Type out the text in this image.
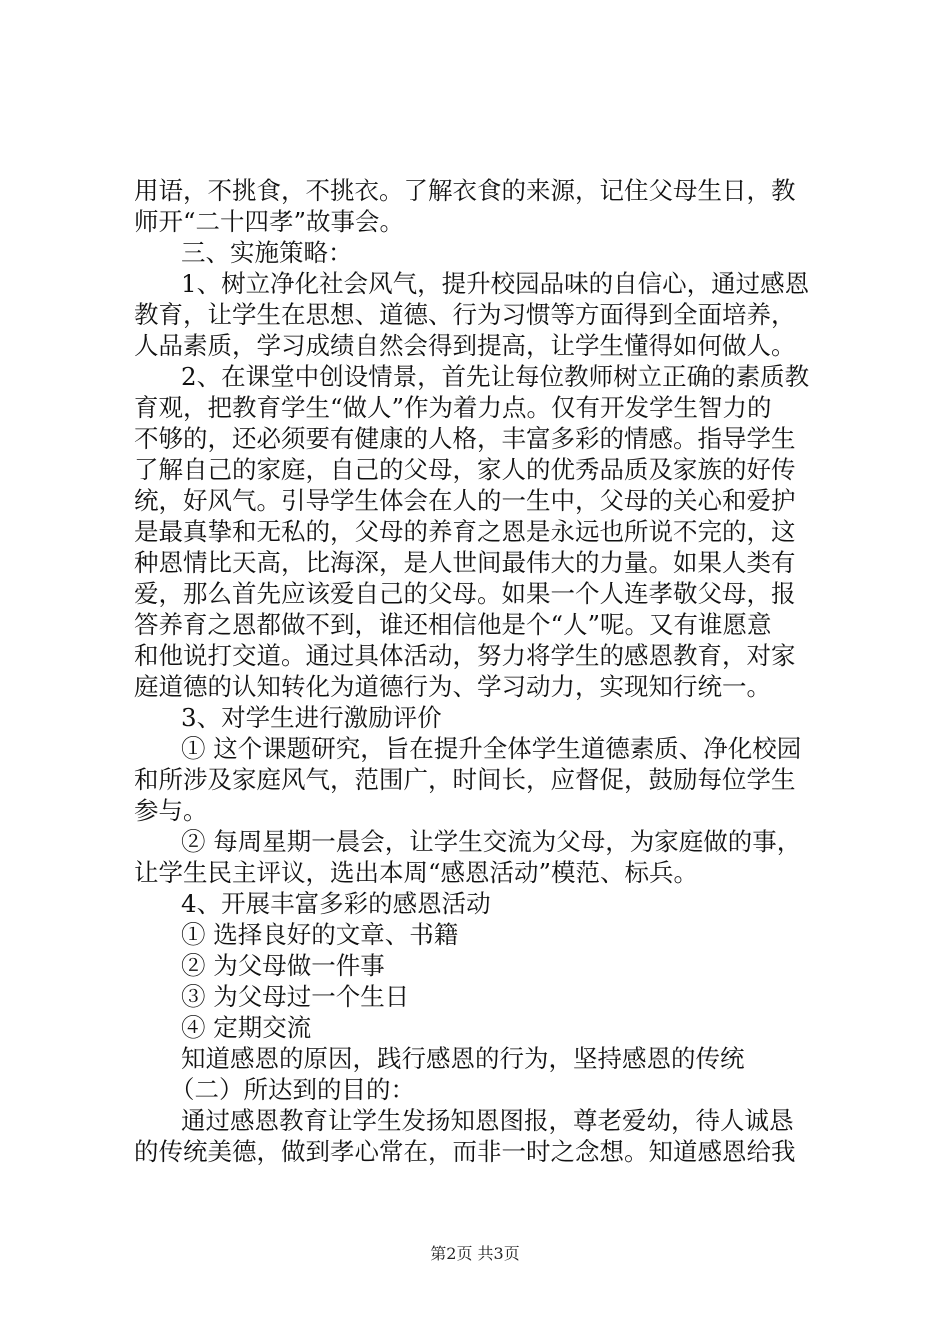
用语，不挑食，不挑衣。了解衣食的来源，记住父母生日，教
师开“二十四孝”故事会。
三、实施策略：
1、树立净化社会风气，提升校园品味的自信心，通过感恩
教育，让学生在思想、道德、行为习惯等方面得到全面培养，
人品素质，学习成绩自然会得到提高，让学生懂得如何做人。
2、在课堂中创设情景，首先让每位教师树立正确的素质教
育观，把教育学生“做人”作为着力点。仅有开发学生智力的
不够的，还必须要有健康的人格，丰富多彩的情感。指导学生
了解自己的家庭，自己的父母，家人的优秀品质及家族的好传
统，好风气。引导学生体会在人的一生中，父母的关心和爱护
是最真挚和无私的，父母的养育之恩是永远也所说不完的，这
种恩情比天高，比海深，是人世间最伟大的力量。如果人类有
爱，那么首先应该爱自己的父母。如果一个人连孝敬父母，报
答养育之恩都做不到，谁还相信他是个“人”呢。又有谁愿意
和他说打交道。通过具体活动，努力将学生的感恩教育，对家
庭道德的认知转化为道德行为、学习动力，实现知行统一。
3、对学生进行激励评价
① 这个课题研究，旨在提升全体学生道德素质、净化校园
和所涉及家庭风气，范围广，时间长，应督促，鼓励每位学生
参与。
② 每周星期一晨会，让学生交流为父母，为家庭做的事，
让学生民主评议，选出本周“感恩活动”模范、标兵。
4、开展丰富多彩的感恩活动
① 选择良好的文章、书籍
② 为父母做一件事
③ 为父母过一个生日
④ 定期交流
知道感恩的原因，践行感恩的行为，坚持感恩的传统
（二）所达到的目的：
通过感恩教育让学生发扬知恩图报，尊老爱幼，待人诚恳
的传统美德，做到孝心常在，而非一时之念想。知道感恩给我
第2页 共3页
